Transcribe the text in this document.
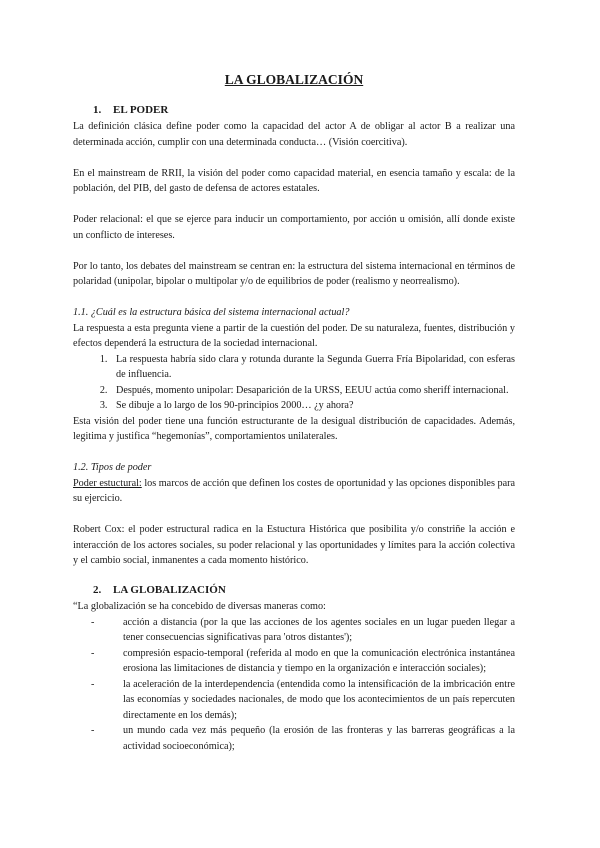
LA GLOBALIZACIÓN
1.	EL PODER

La definición clásica define poder como la capacidad del actor A de obligar al actor B a realizar una determinada acción, cumplir con una determinada conducta… (Visión coercitiva).

En el mainstream de RRII, la visión del poder como capacidad material, en esencia tamaño y escala: de la población, del PIB, del gasto de defensa de actores estatales.

Poder relacional: el que se ejerce para inducir un comportamiento, por acción u omisión, allí donde existe un conflicto de intereses.

Por lo tanto, los debates del mainstream se centran en: la estructura del sistema internacional en términos de polaridad (unipolar, bipolar o multipolar y/o de equilibrios de poder (realismo y neorrealismo).

1.1. ¿Cuál es la estructura básica del sistema internacional actual?

La respuesta a esta pregunta viene a partir de la cuestión del poder. De su naturaleza, fuentes, distribución y efectos dependerá la estructura de la sociedad internacional.

1. La respuesta habría sido clara y rotunda durante la Segunda Guerra Fría Bipolaridad, con esferas de influencia.
2. Después, momento unipolar: Desaparición de la URSS, EEUU actúa como sheriff internacional.
3. Se dibuje a lo largo de los 90-principios 2000… ¿y ahora?

Esta visión del poder tiene una función estructurante de la desigual distribución de capacidades. Además, legitima y justifica “hegemonías”, comportamientos unilaterales.

1.2. Tipos de poder

Poder estuctural: los marcos de acción que definen los costes de oportunidad y las opciones disponibles para su ejercicio.

Robert Cox: el poder estructural radica en la Estuctura Histórica que posibilita y/o constriñe la acción e interacción de los actores sociales, su poder relacional y las oportunidades y límites para la acción colectiva y el cambio social, inmanentes a cada momento histórico.

2.	LA GLOBALIZACIÓN

“La globalización se ha concebido de diversas maneras como:

-	acción a distancia (por la que las acciones de los agentes sociales en un lugar pueden llegar a tener consecuencias significativas para 'otros distantes');
-	compresión espacio-temporal (referida al modo en que la comunicación electrónica instantánea erosiona las limitaciones de distancia y tiempo en la organización e interacción sociales);
-	la aceleración de la interdependencia (entendida como la intensificación de la imbricación entre las economías y sociedades nacionales, de modo que los acontecimientos de un país repercuten directamente en los demás);
-	un mundo cada vez más pequeño (la erosión de las fronteras y las barreras geográficas a la actividad socioeconómica);
